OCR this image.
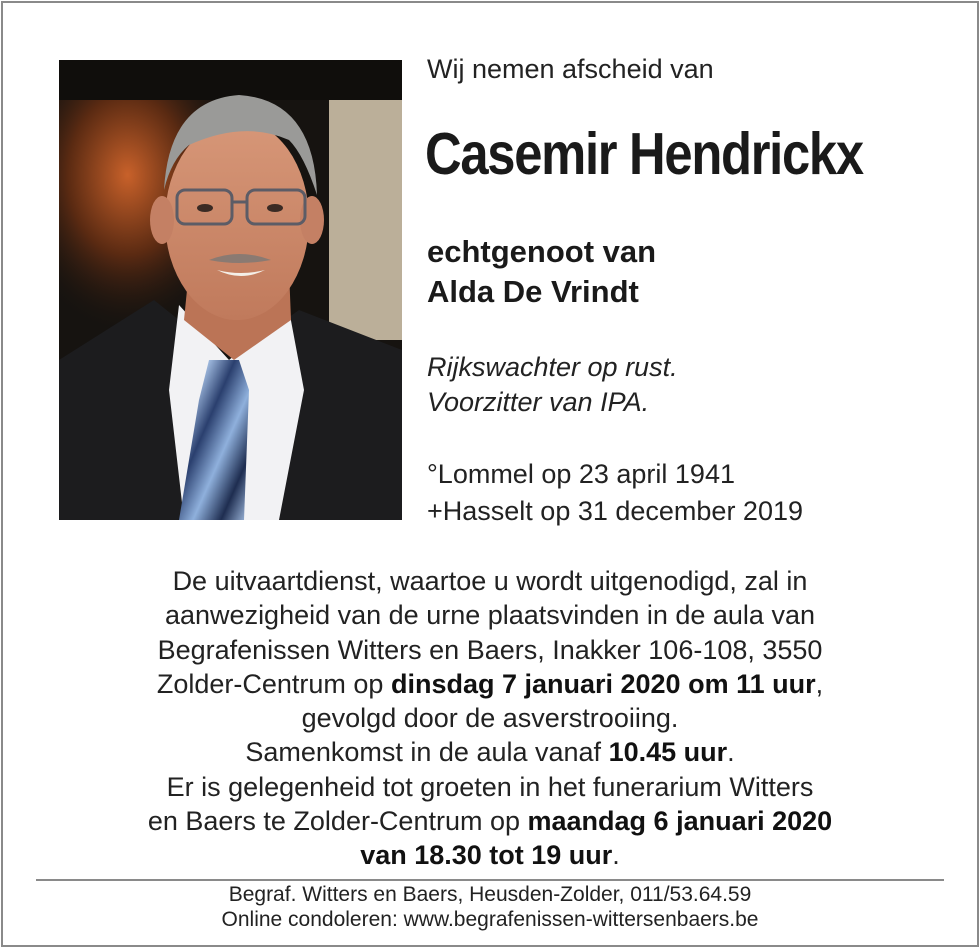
Wij nemen afscheid van
Casemir Hendrickx
echtgenoot van
Alda De Vrindt
Rijkswachter op rust.
Voorzitter van IPA.
°Lommel op 23 april 1941
+Hasselt op 31 december 2019
De uitvaartdienst, waartoe u wordt uitgenodigd, zal in
aanwezigheid van de urne plaatsvinden in de aula van
Begrafenissen Witters en Baers, Inakker 106-108, 3550
Zolder-Centrum op dinsdag 7 januari 2020 om 11 uur,
gevolgd door de asverstrooiing.
Samenkomst in de aula vanaf 10.45 uur.
Er is gelegenheid tot groeten in het funerarium Witters
en Baers te Zolder-Centrum op maandag 6 januari 2020
van 18.30 tot 19 uur.
Begraf. Witters en Baers, Heusden-Zolder, 011/53.64.59
Online condoleren: www.begrafenissen-wittersenbaers.be
